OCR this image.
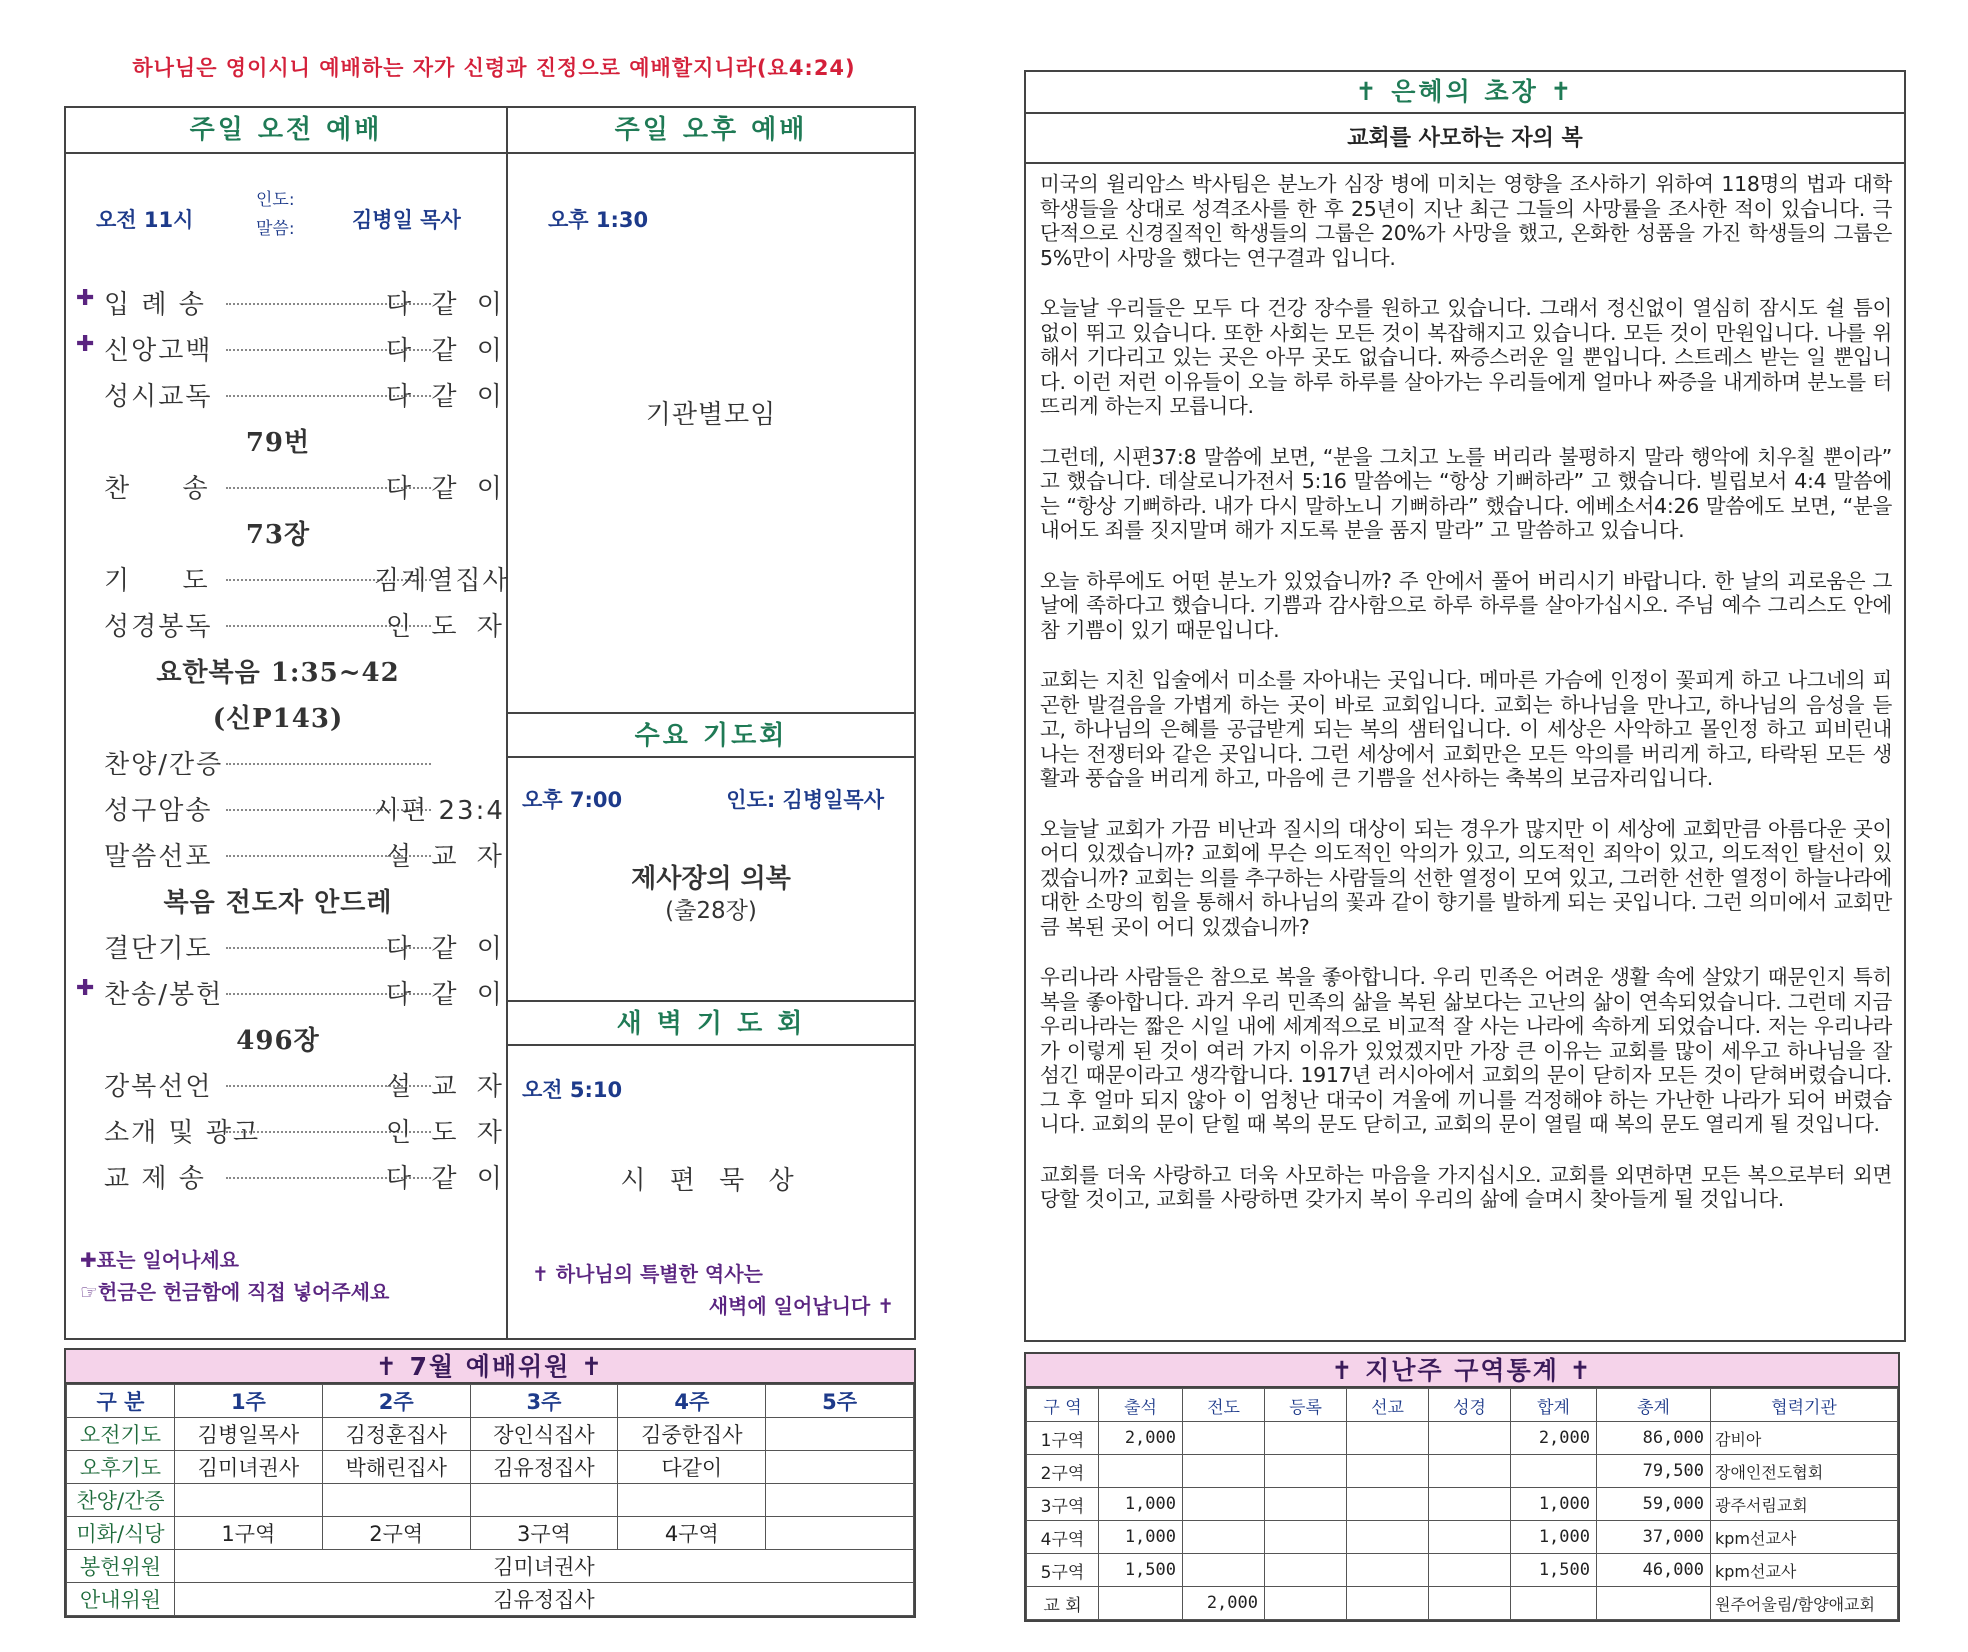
하나님은 영이시니 예배하는 자가 신령과 진정으로 예배할지니라(요4:24)
주일 오전 예배
오전 11시
인도:
말씀:	김병일 목사
✚ 입 례 송	다 같 이
✚ 신앙고백	다 같 이
성시교독	다 같 이
79번
찬     송	다 같 이
73장
기     도	김계열집사
성경봉독	인 도 자
요한복음 1:35~42
(신P143)
찬양/간증
성구암송	시편 23:4
말씀선포	설 교 자
복음 전도자 안드레
결단기도	다 같 이
✚ 찬송/봉헌	다 같 이
496장
강복선언	설 교 자
소개 및 광고	인 도 자
교 제 송	다 같 이
✚표는 일어나세요
☞헌금은 헌금함에 직접 넣어주세요
주일 오후 예배
오후 1:30
기관별모임
수요 기도회
오후 7:00	인도: 김병일목사
제사장의 의복
(출28장)
새 벽 기 도 회
오전 5:10
시 편 묵 상
✝ 하나님의 특별한 역사는
새벽에 일어납니다 ✝
✝ 7월 예배위원 ✝
구 분	1주	2주	3주	4주	5주
오전기도	김병일목사	김정훈집사	장인식집사	김중한집사	
오후기도	김미녀권사	박해린집사	김유정집사	다같이	
찬양/간증					
미화/식당	1구역	2구역	3구역	4구역	
봉헌위원	김미녀권사				
안내위원	김유정집사				
✝ 은혜의 초장 ✝
교회를 사모하는 자의 복

미국의 윌리암스 박사팀은 분노가 심장 병에 미치는 영향을 조사하기 위하여 118명의 법과 대학 학생들을 상대로 성격조사를 한 후 25년이 지난 최근 그들의 사망률을 조사한 적이 있습니다. 극단적으로 신경질적인 학생들의 그룹은 20%가 사망을 했고, 온화한 성품을 가진 학생들의 그룹은 5%만이 사망을 했다는 연구결과 입니다.

오늘날 우리들은 모두 다 건강 장수를 원하고 있습니다. 그래서 정신없이 열심히 잠시도 쉴 틈이 없이 뛰고 있습니다. 또한 사회는 모든 것이 복잡해지고 있습니다. 모든 것이 만원입니다. 나를 위해서 기다리고 있는 곳은 아무 곳도 없습니다. 짜증스러운 일 뿐입니다. 스트레스 받는 일 뿐입니다. 이런 저런 이유들이 오늘 하루 하루를 살아가는 우리들에게 얼마나 짜증을 내게하며 분노를 터뜨리게 하는지 모릅니다.

그런데, 시편37:8 말씀에 보면, “분을 그치고 노를 버리라 불평하지 말라 행악에 치우칠 뿐이라” 고 했습니다. 데살로니가전서 5:16 말씀에는 “항상 기뻐하라” 고 했습니다. 빌립보서 4:4 말씀에는 “항상 기뻐하라. 내가 다시 말하노니 기뻐하라” 했습니다. 에베소서4:26 말씀에도 보면, “분을 내어도 죄를 짓지말며 해가 지도록 분을 품지 말라” 고 말씀하고 있습니다.

오늘 하루에도 어떤 분노가 있었습니까? 주 안에서 풀어 버리시기 바랍니다. 한 날의 괴로움은 그날에 족하다고 했습니다. 기쁨과 감사함으로 하루 하루를 살아가십시오. 주님 예수 그리스도 안에 참 기쁨이 있기 때문입니다.

교회는 지친 입술에서 미소를 자아내는 곳입니다. 메마른 가슴에 인정이 꽃피게 하고 나그네의 피곤한 발걸음을 가볍게 하는 곳이 바로 교회입니다. 교회는 하나님을 만나고, 하나님의 음성을 듣고, 하나님의 은혜를 공급받게 되는 복의 샘터입니다. 이 세상은 사악하고 몰인정 하고 피비린내 나는 전쟁터와 같은 곳입니다. 그런 세상에서 교회만은 모든 악의를 버리게 하고, 타락된 모든 생활과 풍습을 버리게 하고, 마음에 큰 기쁨을 선사하는 축복의 보금자리입니다.

오늘날 교회가 가끔 비난과 질시의 대상이 되는 경우가 많지만 이 세상에 교회만큼 아름다운 곳이 어디 있겠습니까? 교회에 무슨 의도적인 악의가 있고, 의도적인 죄악이 있고, 의도적인 탈선이 있겠습니까? 교회는 의를 추구하는 사람들의 선한 열정이 모여 있고, 그러한 선한 열정이 하늘나라에 대한 소망의 힘을 통해서 하나님의 꽃과 같이 향기를 발하게 되는 곳입니다. 그런 의미에서 교회만큼 복된 곳이 어디 있겠습니까?

우리나라 사람들은 참으로 복을 좋아합니다. 우리 민족은 어려운 생활 속에 살았기 때문인지 특히 복을 좋아합니다. 과거 우리 민족의 삶을 복된 삶보다는 고난의 삶이 연속되었습니다. 그런데 지금 우리나라는 짧은 시일 내에 세계적으로 비교적 잘 사는 나라에 속하게 되었습니다. 저는 우리나라가 이렇게 된 것이 여러 가지 이유가 있었겠지만 가장 큰 이유는 교회를 많이 세우고 하나님을 잘 섬긴 때문이라고 생각합니다. 1917년 러시아에서 교회의 문이 닫히자 모든 것이 닫혀버렸습니다. 그 후 얼마 되지 않아 이 엄청난 대국이 겨울에 끼니를 걱정해야 하는 가난한 나라가 되어 버렸습니다. 교회의 문이 닫힐 때 복의 문도 닫히고, 교회의 문이 열릴 때 복의 문도 열리게 될 것입니다.

교회를 더욱 사랑하고 더욱 사모하는 마음을 가지십시오. 교회를 외면하면 모든 복으로부터 외면당할 것이고, 교회를 사랑하면 갖가지 복이 우리의 삶에 슬며시 찾아들게 될 것입니다.

✝ 지난주 구역통계 ✝
구 역	출석	전도	등록	선교	성경	합계	총계	협력기관
1구역	2,000					2,000	86,000	감비아
2구역							79,500	장애인전도협회
3구역	1,000					1,000	59,000	광주서림교회
4구역	1,000					1,000	37,000	kpm선교사
5구역	1,500					1,500	46,000	kpm선교사
교 회		2,000						원주어울림/함양애교회
